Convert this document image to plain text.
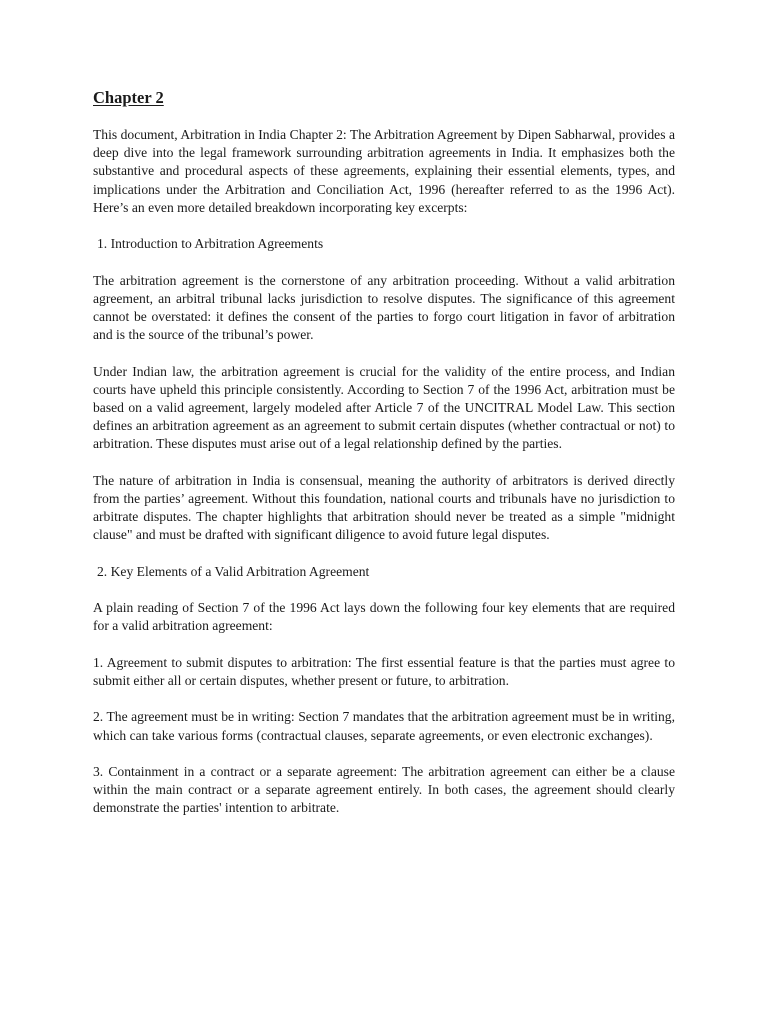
Chapter 2

This document, Arbitration in India Chapter 2: The Arbitration Agreement by Dipen Sabharwal, provides a deep dive into the legal framework surrounding arbitration agreements in India. It emphasizes both the substantive and procedural aspects of these agreements, explaining their essential elements, types, and implications under the Arbitration and Conciliation Act, 1996 (hereafter referred to as the 1996 Act). Here’s an even more detailed breakdown incorporating key excerpts:

1. Introduction to Arbitration Agreements

The arbitration agreement is the cornerstone of any arbitration proceeding. Without a valid arbitration agreement, an arbitral tribunal lacks jurisdiction to resolve disputes. The significance of this agreement cannot be overstated: it defines the consent of the parties to forgo court litigation in favor of arbitration and is the source of the tribunal’s power.

Under Indian law, the arbitration agreement is crucial for the validity of the entire process, and Indian courts have upheld this principle consistently. According to Section 7 of the 1996 Act, arbitration must be based on a valid agreement, largely modeled after Article 7 of the UNCITRAL Model Law. This section defines an arbitration agreement as an agreement to submit certain disputes (whether contractual or not) to arbitration. These disputes must arise out of a legal relationship defined by the parties.

The nature of arbitration in India is consensual, meaning the authority of arbitrators is derived directly from the parties’ agreement. Without this foundation, national courts and tribunals have no jurisdiction to arbitrate disputes. The chapter highlights that arbitration should never be treated as a simple "midnight clause" and must be drafted with significant diligence to avoid future legal disputes.

2. Key Elements of a Valid Arbitration Agreement

A plain reading of Section 7 of the 1996 Act lays down the following four key elements that are required for a valid arbitration agreement:

1. Agreement to submit disputes to arbitration: The first essential feature is that the parties must agree to submit either all or certain disputes, whether present or future, to arbitration.

2. The agreement must be in writing: Section 7 mandates that the arbitration agreement must be in writing, which can take various forms (contractual clauses, separate agreements, or even electronic exchanges).

3. Containment in a contract or a separate agreement: The arbitration agreement can either be a clause within the main contract or a separate agreement entirely. In both cases, the agreement should clearly demonstrate the parties' intention to arbitrate.
